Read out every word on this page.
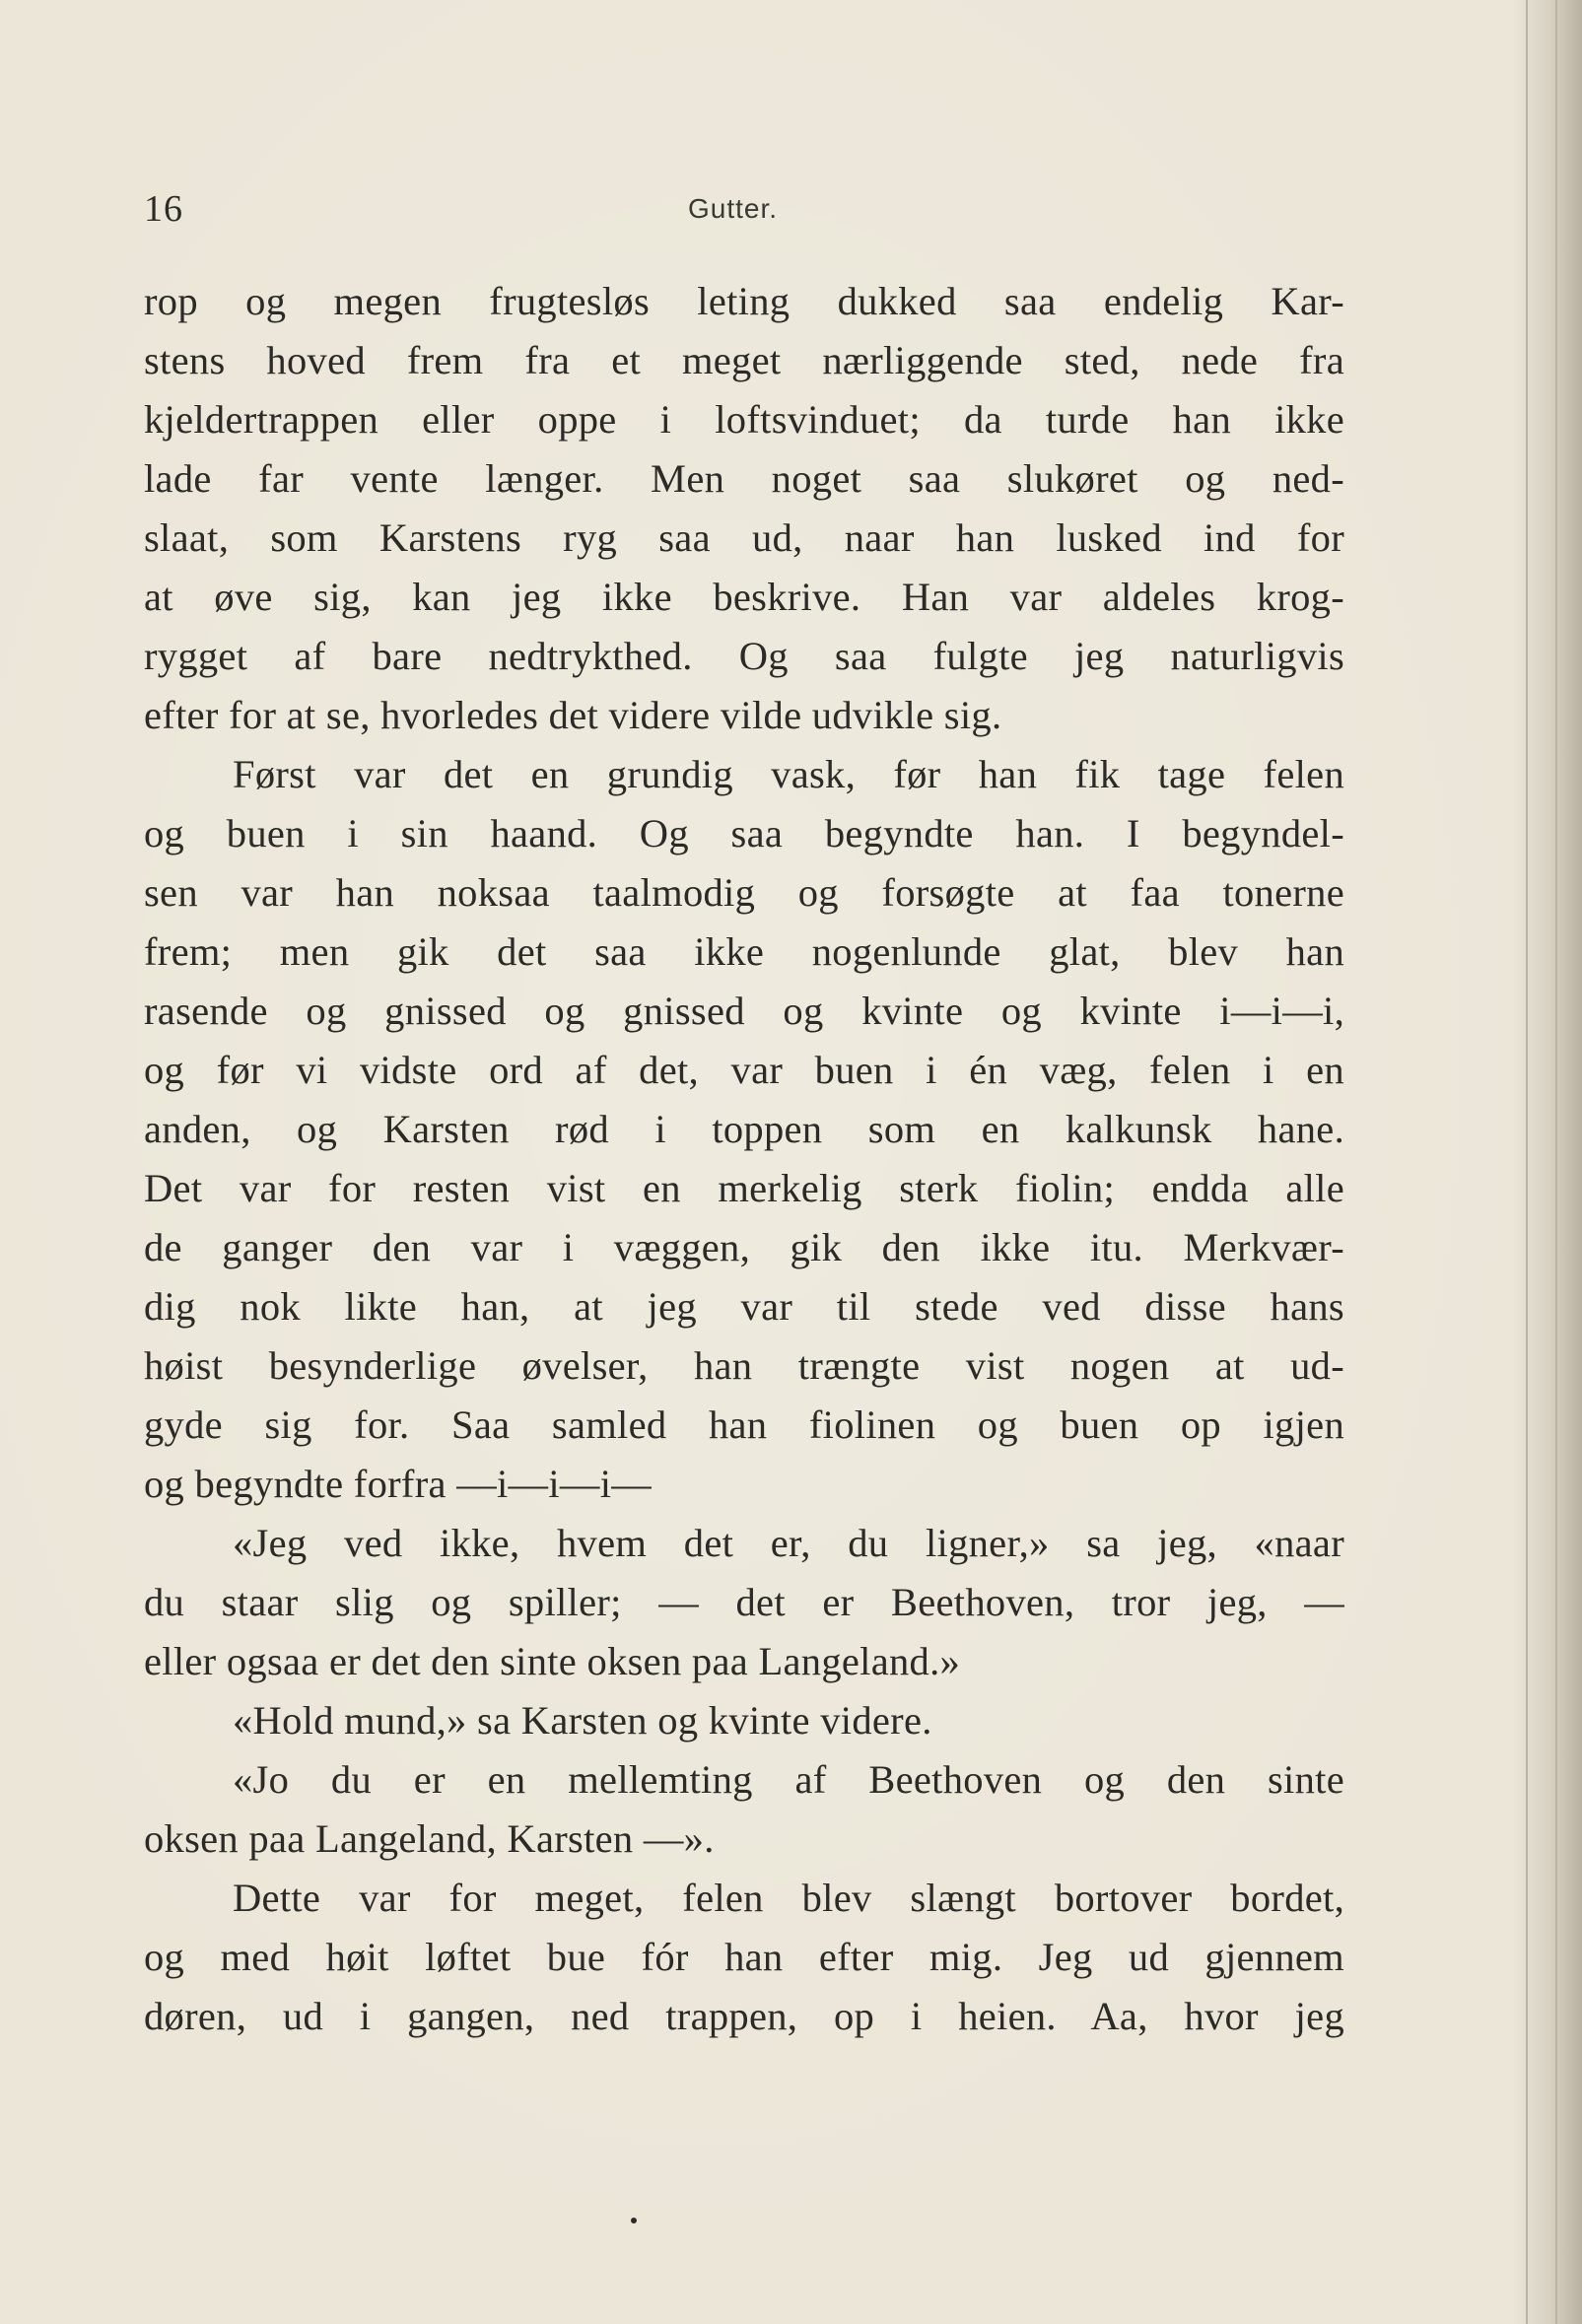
16	Gutter.
rop og megen frugtesløs leting dukked saa endelig Kar-
stens hoved frem fra et meget nærliggende sted, nede fra
kjeldertrappen eller oppe i loftsvinduet; da turde han ikke
lade far vente længer. Men noget saa slukøret og ned-
slaat, som Karstens ryg saa ud, naar han lusked ind for
at øve sig, kan jeg ikke beskrive. Han var aldeles krog-
rygget af bare nedtrykthed. Og saa fulgte jeg naturligvis
efter for at se, hvorledes det videre vilde udvikle sig.
Først var det en grundig vask, før han fik tage felen
og buen i sin haand. Og saa begyndte han. I begyndel-
sen var han noksaa taalmodig og forsøgte at faa tonerne
frem; men gik det saa ikke nogenlunde glat, blev han
rasende og gnissed og gnissed og kvinte og kvinte i—i—i,
og før vi vidste ord af det, var buen i én væg, felen i en
anden, og Karsten rød i toppen som en kalkunsk hane.
Det var for resten vist en merkelig sterk fiolin; endda alle
de ganger den var i væggen, gik den ikke itu. Merkvær-
dig nok likte han, at jeg var til stede ved disse hans
høist besynderlige øvelser, han trængte vist nogen at ud-
gyde sig for. Saa samled han fiolinen og buen op igjen
og begyndte forfra —i—i—i—
«Jeg ved ikke, hvem det er, du ligner,» sa jeg, «naar
du staar slig og spiller; — det er Beethoven, tror jeg, —
eller ogsaa er det den sinte oksen paa Langeland.»
«Hold mund,» sa Karsten og kvinte videre.
«Jo du er en mellemting af Beethoven og den sinte
oksen paa Langeland, Karsten —».
Dette var for meget, felen blev slængt bortover bordet,
og med høit løftet bue fór han efter mig. Jeg ud gjennem
døren, ud i gangen, ned trappen, op i heien. Aa, hvor jeg
